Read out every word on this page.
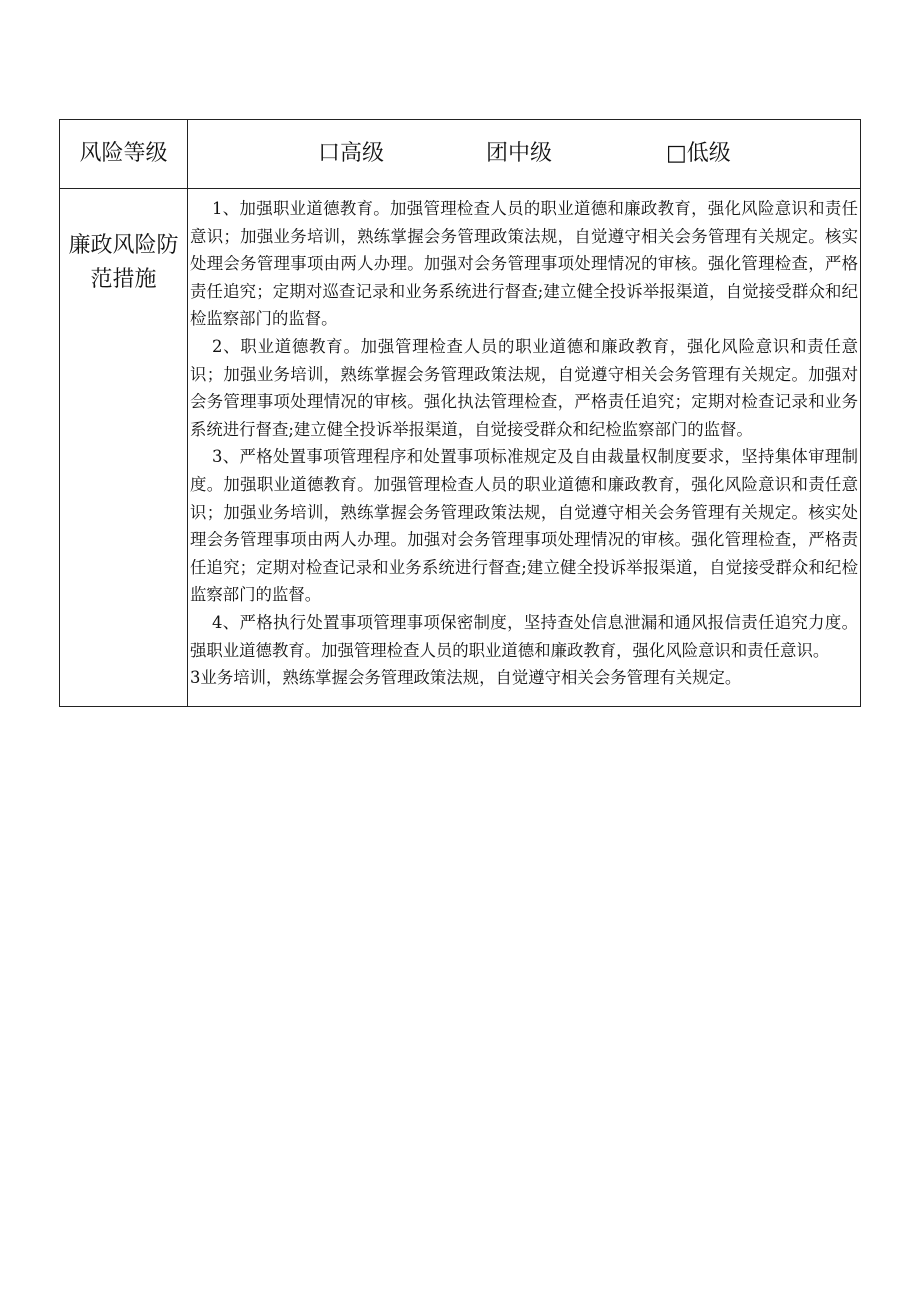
风险等级	口高级 团中级 □低级

廉政风险防范措施	1、加强职业道德教育。加强管理检查人员的职业道德和廉政教育，强化风险意识和责任意识；加强业务培训，熟练掌握会务管理政策法规，自觉遵守相关会务管理有关规定。核实处理会务管理事项由两人办理。加强对会务管理事项处理情况的审核。强化管理检查，严格责任追究；定期对巡查记录和业务系统进行督查;建立健全投诉举报渠道，自觉接受群众和纪检监察部门的监督。

2、职业道德教育。加强管理检查人员的职业道德和廉政教育，强化风险意识和责任意识；加强业务培训，熟练掌握会务管理政策法规，自觉遵守相关会务管理有关规定。加强对会务管理事项处理情况的审核。强化执法管理检查，严格责任追究；定期对检查记录和业务系统进行督查;建立健全投诉举报渠道，自觉接受群众和纪检监察部门的监督。

3、严格处置事项管理程序和处置事项标准规定及自由裁量权制度要求，坚持集体审理制度。加强职业道德教育。加强管理检查人员的职业道德和廉政教育，强化风险意识和责任意识；加强业务培训，熟练掌握会务管理政策法规，自觉遵守相关会务管理有关规定。核实处理会务管理事项由两人办理。加强对会务管理事项处理情况的审核。强化管理检查，严格责任追究；定期对检查记录和业务系统进行督查;建立健全投诉举报渠道，自觉接受群众和纪检监察部门的监督。

4、严格执行处置事项管理事项保密制度，坚持查处信息泄漏和通风报信责任追究力度。强职业道德教育。加强管理检查人员的职业道德和廉政教育，强化风险意识和责任意识。

3业务培训，熟练掌握会务管理政策法规，自觉遵守相关会务管理有关规定。
